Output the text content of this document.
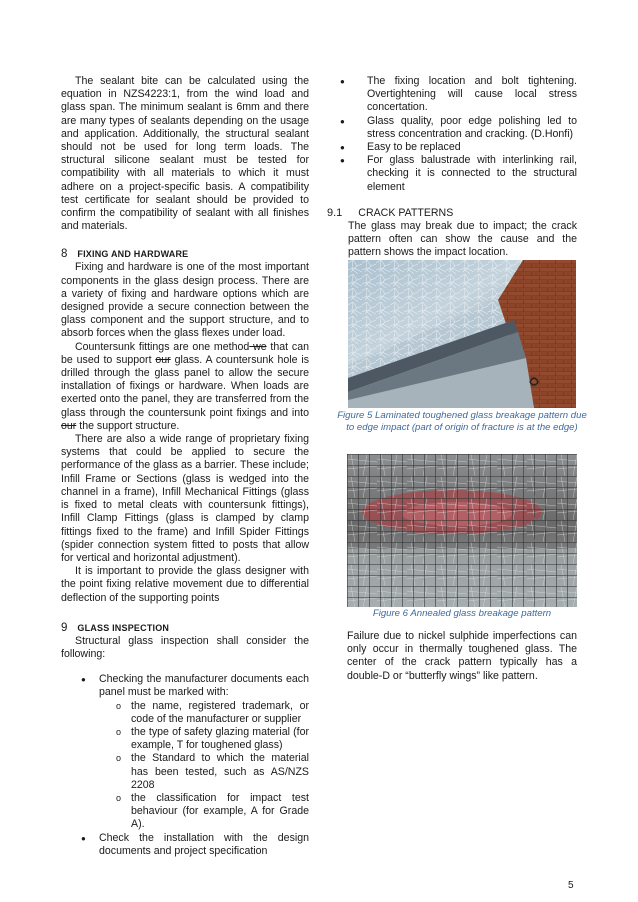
The sealant bite can be calculated using the equation in NZS4223:1, from the wind load and glass span. The minimum sealant is 6mm and there are many types of sealants depending on the usage and application. Additionally, the structural sealant should not be used for long term loads. The structural silicone sealant must be tested for compatibility with all materials to which it must adhere on a project-specific basis. A compatibility test certificate for sealant should be provided to confirm the compatibility of sealant with all finishes and materials.

8 FIXING AND HARDWARE

Fixing and hardware is one of the most important components in the glass design process. There are a variety of fixing and hardware options which are designed provide a secure connection between the glass component and the support structure, and to absorb forces when the glass flexes under load.

Countersunk fittings are one method we that can be used to support our glass. A countersunk hole is drilled through the glass panel to allow the secure installation of fixings or hardware. When loads are exerted onto the panel, they are transferred from the glass through the countersunk point fixings and into our the support structure.

There are also a wide range of proprietary fixing systems that could be applied to secure the performance of the glass as a barrier. These include; Infill Frame or Sections (glass is wedged into the channel in a frame), Infill Mechanical Fittings (glass is fixed to metal cleats with countersunk fittings), Infill Clamp Fittings (glass is clamped by clamp fittings fixed to the frame) and Infill Spider Fittings (spider connection system fitted to posts that allow for vertical and horizontal adjustment).

It is important to provide the glass designer with the point fixing relative movement due to differential deflection of the supporting points

9 GLASS INSPECTION

Structural glass inspection shall consider the following:

● Checking the manufacturer documents each panel must be marked with:
o the name, registered trademark, or code of the manufacturer or supplier
o the type of safety glazing material (for example, T for toughened glass)
o the Standard to which the material has been tested, such as AS/NZS 2208
o the classification for impact test behaviour (for example, A for Grade A).
● Check the installation with the design documents and project specification
● The fixing location and bolt tightening. Overtightening will cause local stress concertation.
● Glass quality, poor edge polishing led to stress concentration and cracking. (D.Honfi)
● Easy to be replaced
● For glass balustrade with interlinking rail, checking it is connected to the structural element
9.1 CRACK PATTERNS

The glass may break due to impact; the crack pattern often can show the cause and the pattern shows the impact location.

Figure 5 Laminated toughened glass breakage pattern due to edge impact (part of origin of fracture is at the edge)

Figure 6 Annealed glass breakage pattern

Failure due to nickel sulphide imperfections can only occur in thermally toughened glass. The center of the crack pattern typically has a double-D or “butterfly wings” like pattern.

5
